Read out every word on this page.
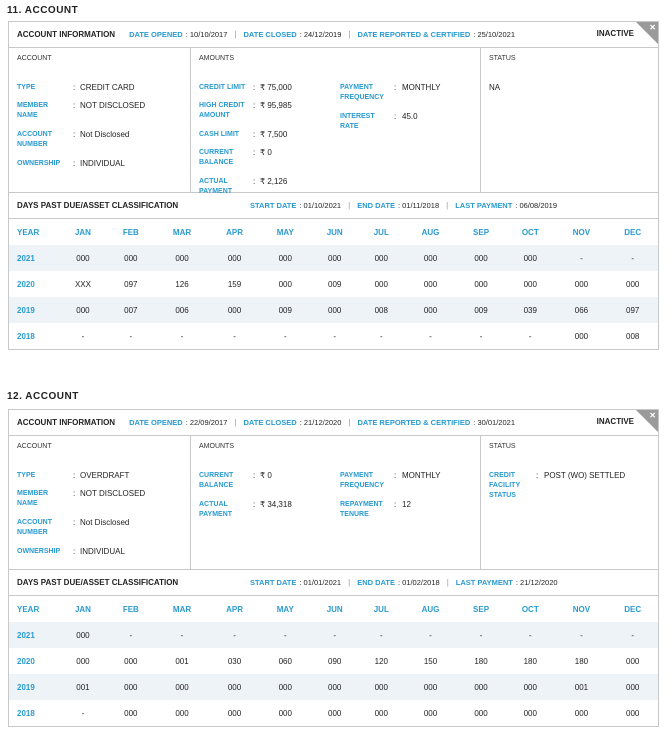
11. ACCOUNT
ACCOUNT INFORMATION DATE OPENED : 10/10/2017 | DATE CLOSED : 24/12/2019 | DATE REPORTED & CERTIFIED : 25/10/2021	INACTIVE
✕
ACCOUNT
TYPE	: CREDIT CARD
MEMBER NAME
: NOT DISCLOSED
ACCOUNT NUMBER
: Not Disclosed
OWNERSHIP	: INDIVIDUAL
AMOUNTS
CREDIT LIMIT : ₹ 75,000
HIGH CREDIT AMOUNT
: ₹ 95,985
CASH LIMIT	: ₹ 7,500
CURRENT BALANCE
: ₹ 0
ACTUAL PAYMENT
: ₹ 2,126
PAYMENT FREQUENCY
: MONTHLY
INTEREST RATE
: 45.0
STATUS
NA
DAYS PAST DUE/ASSET CLASSIFICATION	START DATE : 01/10/2021 | END DATE : 01/11/2018 | LAST PAYMENT : 06/08/2019
YEAR	JAN	FEB	MAR	APR	MAY	JUN	JUL	AUG	SEP	OCT	NOV	DEC
2021	000	000	000	000	000	000	000	000	000	000	-	-
2020	XXX	097	126	159	000	009	000	000	000	000	000	000
2019	000	007	006	000	009	000	008	000	009	039	066	097
2018	-	-	-	-	-	-	-	-	-	-	000	008
12. ACCOUNT
ACCOUNT INFORMATION DATE OPENED : 22/09/2017 | DATE CLOSED : 21/12/2020 | DATE REPORTED & CERTIFIED : 30/01/2021	INACTIVE
✕
ACCOUNT
TYPE	: OVERDRAFT
MEMBER NAME
: NOT DISCLOSED
ACCOUNT NUMBER
: Not Disclosed
OWNERSHIP	: INDIVIDUAL
AMOUNTS
CURRENT BALANCE
: ₹ 0
ACTUAL PAYMENT
: ₹ 34,318
PAYMENT FREQUENCY
: MONTHLY
REPAYMENT TENURE
: 12
STATUS
CREDIT FACILITY STATUS
: POST (WO) SETTLED
DAYS PAST DUE/ASSET CLASSIFICATION	START DATE : 01/01/2021 | END DATE : 01/02/2018 | LAST PAYMENT : 21/12/2020
YEAR	JAN	FEB	MAR	APR	MAY	JUN	JUL	AUG	SEP	OCT	NOV	DEC
2021	000	-	-	-	-	-	-	-	-	-	-	-
2020	000	000	001	030	060	090	120	150	180	180	180	000
2019	001	000	000	000	000	000	000	000	000	000	001	000
2018	-	000	000	000	000	000	000	000	000	000	000	000
